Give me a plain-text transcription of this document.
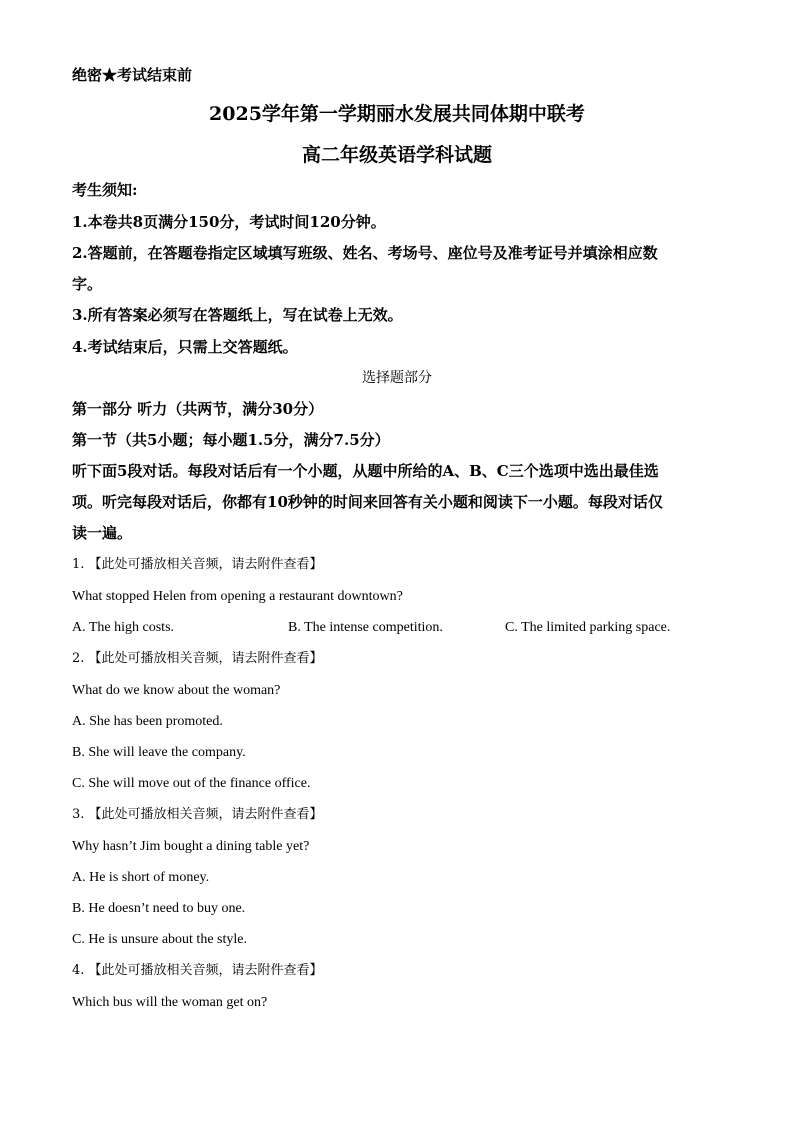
绝密★考试结束前
2025学年第一学期丽水发展共同体期中联考
高二年级英语学科试题
考生须知:
1.本卷共8页满分150分，考试时间120分钟。
2.答题前，在答题卷指定区域填写班级、姓名、考场号、座位号及准考证号并填涂相应数
字。
3.所有答案必须写在答题纸上，写在试卷上无效。
4.考试结束后，只需上交答题纸。
选择题部分
第一部分 听力（共两节，满分30分）
第一节（共5小题；每小题1.5分，满分7.5分）
听下面5段对话。每段对话后有一个小题，从题中所给的A、B、C三个选项中选出最佳选
项。听完每段对话后，你都有10秒钟的时间来回答有关小题和阅读下一小题。每段对话仅
读一遍。
1. 【此处可播放相关音频，请去附件查看】
What stopped Helen from opening a restaurant downtown?
A. The high costs.	B. The intense competition.	C. The limited parking space.
2. 【此处可播放相关音频，请去附件查看】
What do we know about the woman?
A. She has been promoted.
B. She will leave the company.
C. She will move out of the finance office.
3. 【此处可播放相关音频，请去附件查看】
Why hasn’t Jim bought a dining table yet?
A. He is short of money.
B. He doesn’t need to buy one.
C. He is unsure about the style.
4. 【此处可播放相关音频，请去附件查看】
Which bus will the woman get on?
